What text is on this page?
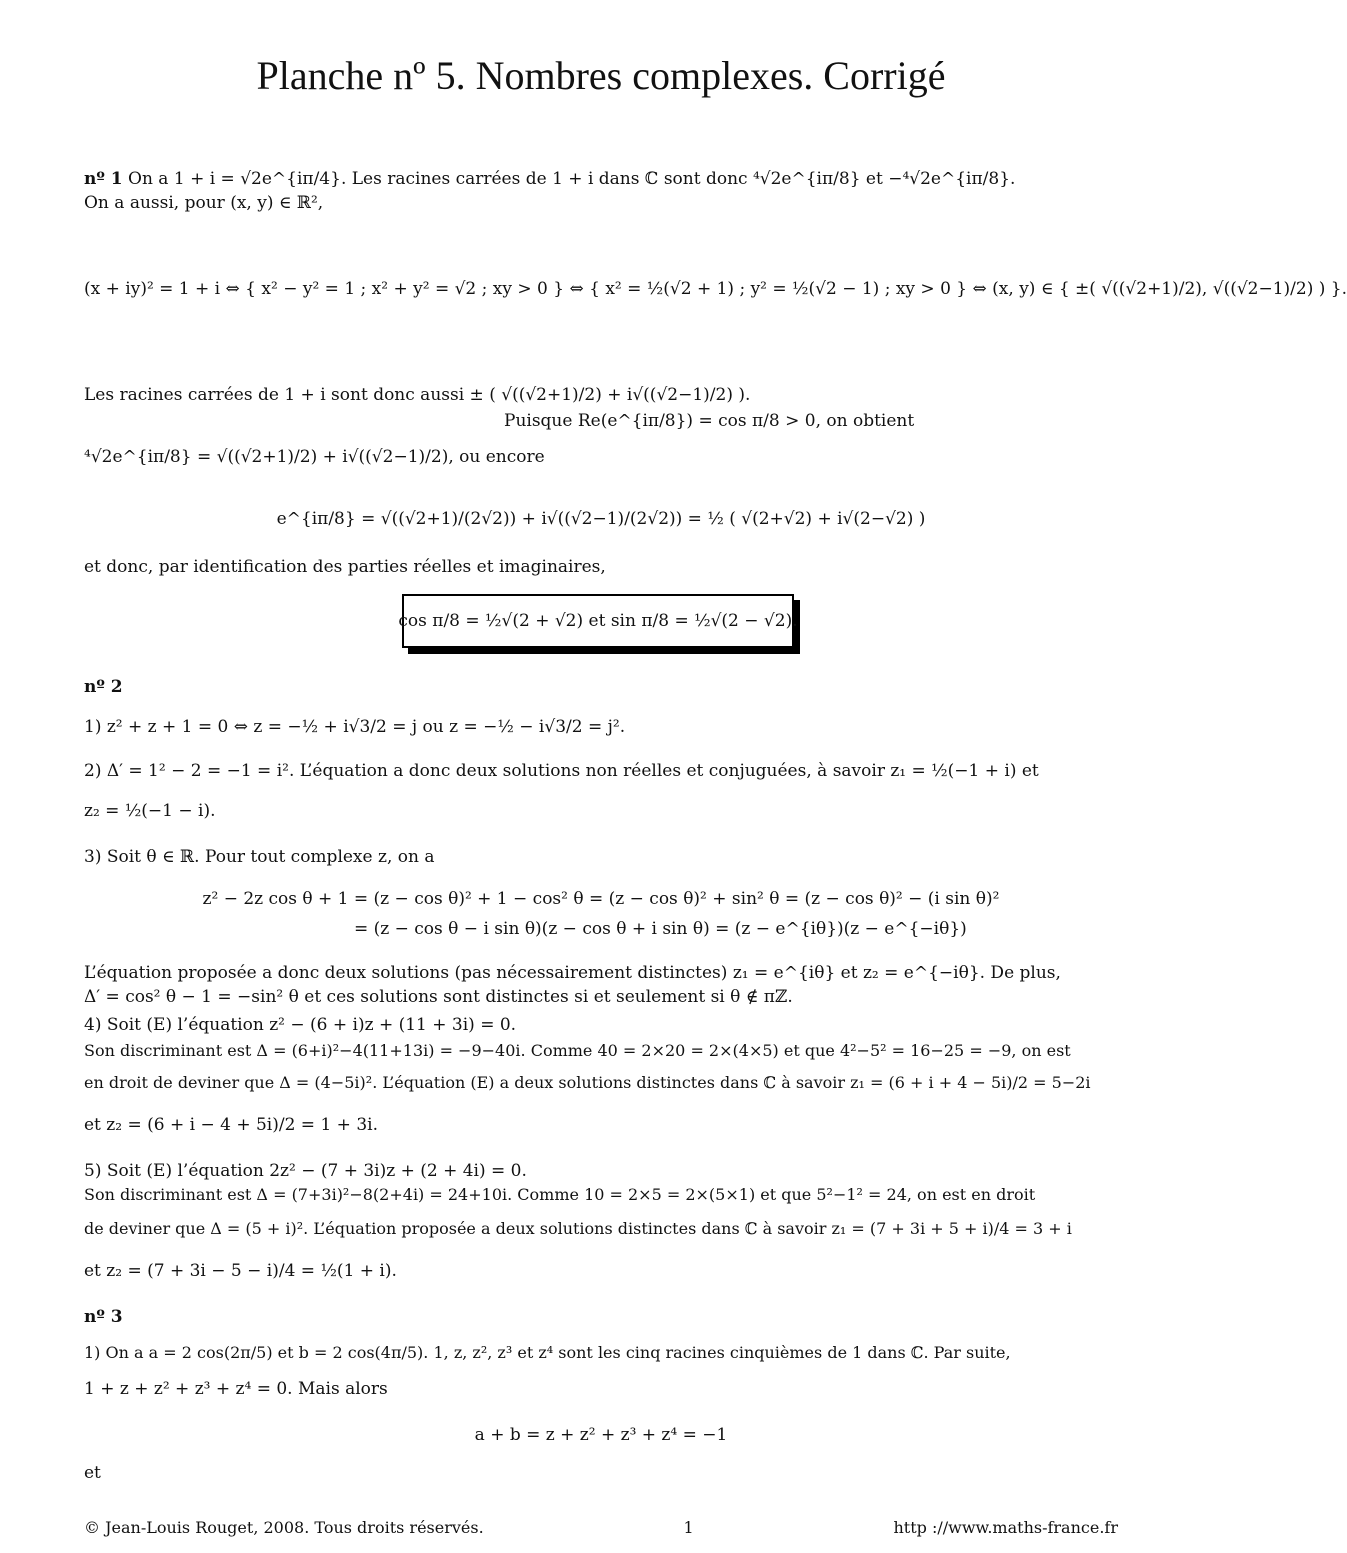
Planche nº 5. Nombres complexes. Corrigé
nº 1 On a 1 + i = √2e^{iπ/4}. Les racines carrées de 1 + i dans ℂ sont donc ⁴√2e^{iπ/8} et −⁴√2e^{iπ/8}.
On a aussi, pour (x, y) ∈ ℝ²,
(x + iy)² = 1 + i ⇔ { x² − y² = 1 ; x² + y² = √2 ; xy > 0 } ⇔ { x² = ½(√2 + 1) ; y² = ½(√2 − 1) ; xy > 0 } ⇔ (x, y) ∈ { ±( √((√2+1)/2), √((√2−1)/2) ) }.
Les racines carrées de 1 + i sont donc aussi ± ( √((√2+1)/2) + i√((√2−1)/2) ).
Puisque Re(e^{iπ/8}) = cos π/8 > 0, on obtient
⁴√2e^{iπ/8} = √((√2+1)/2) + i√((√2−1)/2), ou encore
e^{iπ/8} = √((√2+1)/(2√2)) + i√((√2−1)/(2√2)) = ½ ( √(2+√2) + i√(2−√2) )
et donc, par identification des parties réelles et imaginaires,
cos π/8 = ½√(2 + √2) et sin π/8 = ½√(2 − √2).
nº 2
1) z² + z + 1 = 0 ⇔ z = −½ + i√3/2 = j ou z = −½ − i√3/2 = j².
2) Δ′ = 1² − 2 = −1 = i². L’équation a donc deux solutions non réelles et conjuguées, à savoir z₁ = ½(−1 + i) et
z₂ = ½(−1 − i).
3) Soit θ ∈ ℝ. Pour tout complexe z, on a
z² − 2z cos θ + 1 = (z − cos θ)² + 1 − cos² θ = (z − cos θ)² + sin² θ = (z − cos θ)² − (i sin θ)²
= (z − cos θ − i sin θ)(z − cos θ + i sin θ) = (z − e^{iθ})(z − e^{−iθ})
L’équation proposée a donc deux solutions (pas nécessairement distinctes) z₁ = e^{iθ} et z₂ = e^{−iθ}. De plus,
Δ′ = cos² θ − 1 = −sin² θ et ces solutions sont distinctes si et seulement si θ ∉ πℤ.
4) Soit (E) l’équation z² − (6 + i)z + (11 + 3i) = 0.
Son discriminant est Δ = (6+i)²−4(11+13i) = −9−40i. Comme 40 = 2×20 = 2×(4×5) et que 4²−5² = 16−25 = −9, on est
en droit de deviner que Δ = (4−5i)². L’équation (E) a deux solutions distinctes dans ℂ à savoir z₁ = (6 + i + 4 − 5i)/2 = 5−2i
et z₂ = (6 + i − 4 + 5i)/2 = 1 + 3i.
5) Soit (E) l’équation 2z² − (7 + 3i)z + (2 + 4i) = 0.
Son discriminant est Δ = (7+3i)²−8(2+4i) = 24+10i. Comme 10 = 2×5 = 2×(5×1) et que 5²−1² = 24, on est en droit
de deviner que Δ = (5 + i)². L’équation proposée a deux solutions distinctes dans ℂ à savoir z₁ = (7 + 3i + 5 + i)/4 = 3 + i
et z₂ = (7 + 3i − 5 − i)/4 = ½(1 + i).
nº 3
1) On a a = 2 cos(2π/5) et b = 2 cos(4π/5). 1, z, z², z³ et z⁴ sont les cinq racines cinquièmes de 1 dans ℂ. Par suite,
1 + z + z² + z³ + z⁴ = 0. Mais alors
a + b = z + z² + z³ + z⁴ = −1
et
© Jean-Louis Rouget, 2008. Tous droits réservés.	1	http ://www.maths-france.fr
